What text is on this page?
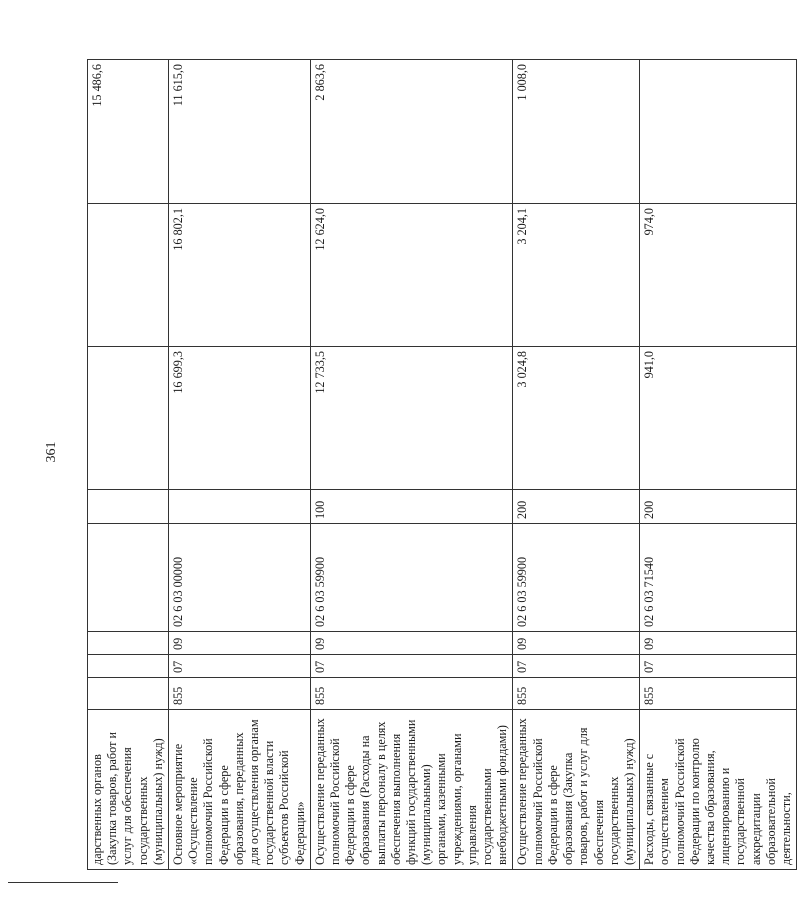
361
дарственных органов (Закупка товаров, работ и услуг для обеспечения государственных (муниципальных) нужд)								15 486,6
Основное мероприятие «Осуществление полномочий Российской Федерации в сфере образования, переданных для осуществления органам государственной власти субъектов Российской Федерации»	855	07	09	02 6 03 00000		16 699,3	16 802,1	11 615,0
Осуществление переданных полномочий Российской Федерации в сфере образования (Расходы на выплаты персоналу в целях обеспечения выполнения функций государственными (муниципальными) органами, казенными учреждениями, органами управления государственными внебюджетными фондами)	855	07	09	02 6 03 59900	100	12 733,5	12 624,0	2 863,6
Осуществление переданных полномочий Российской Федерации в сфере образования (Закупка товаров, работ и услуг для обеспечения государственных (муниципальных) нужд)	855	07	09	02 6 03 59900	200	3 024,8	3 204,1	1 008,0
Расходы, связанные с осуществлением полномочий Российской Федерации по контролю качества образования, лицензированию и государственной аккредитации образовательной деятельности,	855	07	09	02 6 03 71540	200	941,0	974,0	
